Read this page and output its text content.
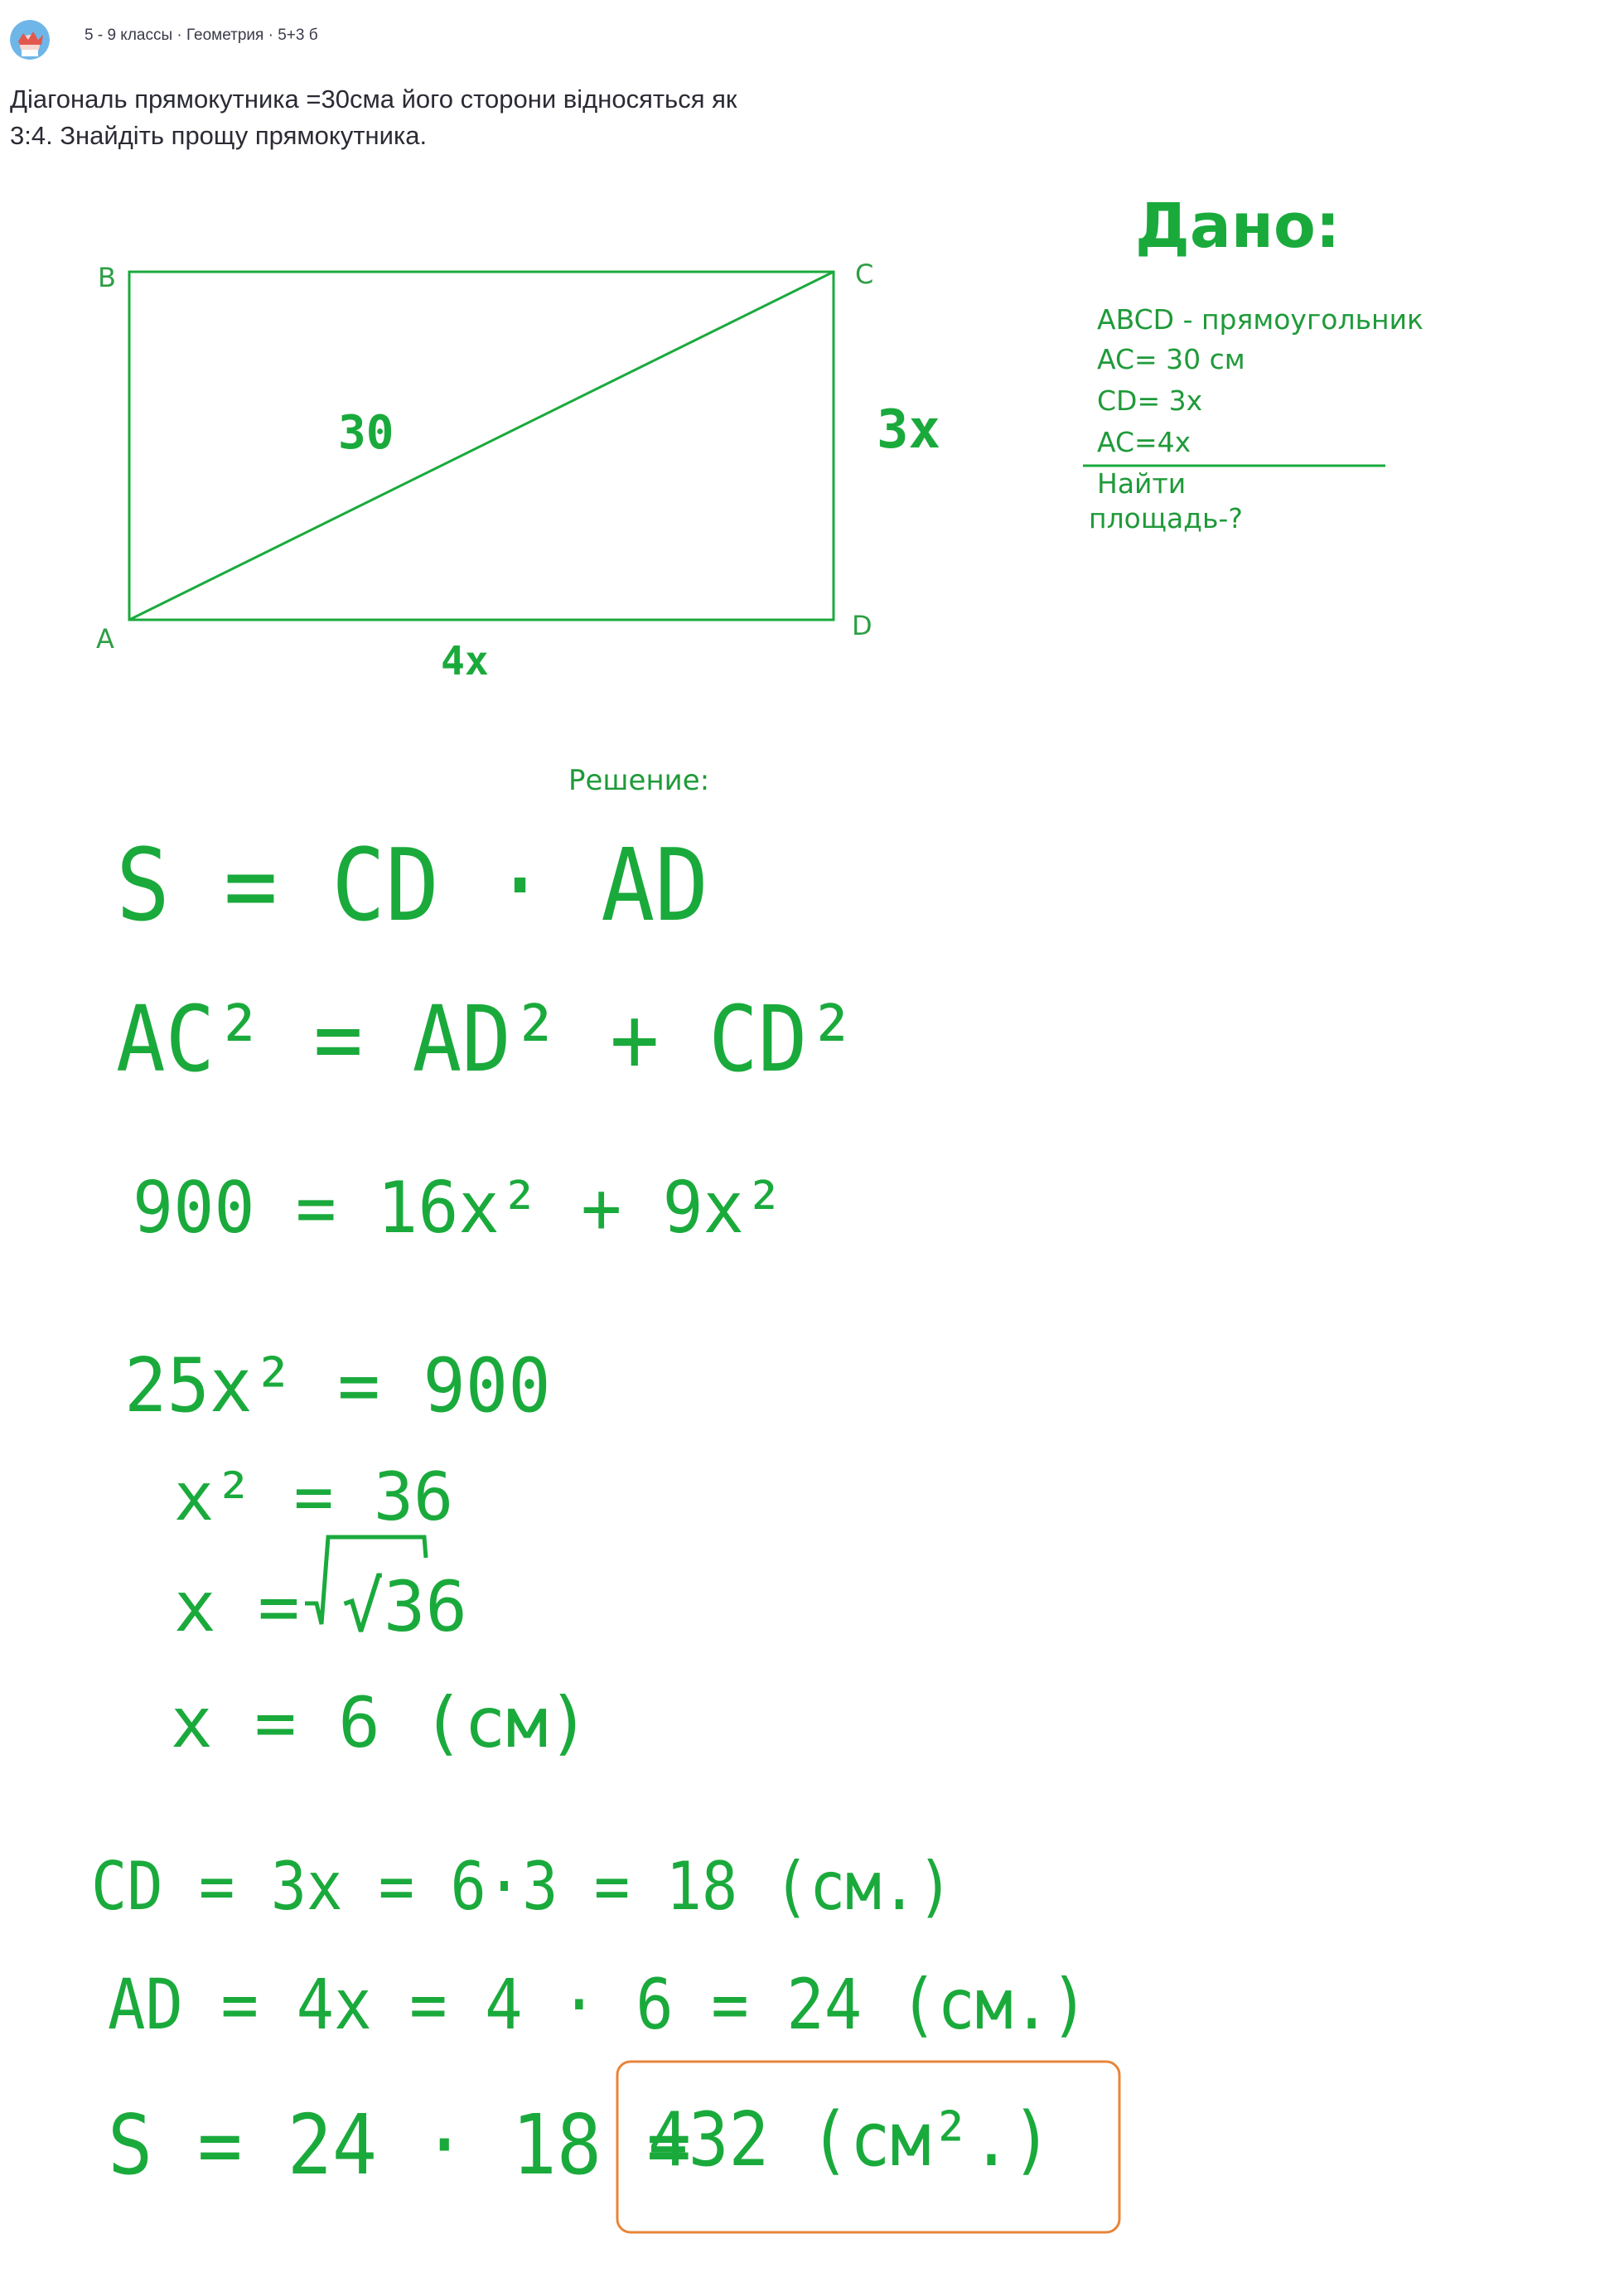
5 - 9 классы · Геометрия · 5+3 б
Діагональ прямокутника =30сма його сторони відносяться як 3:4. Знайдіть прощу прямокутника.
B	C
A	D
30	3x
4x
Дано:
ABCD - прямоугольник
AC= 30 см
CD= 3x
AC=4x
Найти
площадь-?
Решение:
S = CD · AD
AC² = AD² + CD²
900 = 16x² + 9x²
25x² = 900
x² = 36
x = √36
x = 6 (см)
CD = 3x = 6·3 = 18 (см.)
AD = 4x = 4 · 6 = 24 (см.)
S = 24 · 18 =
432 (см².)
